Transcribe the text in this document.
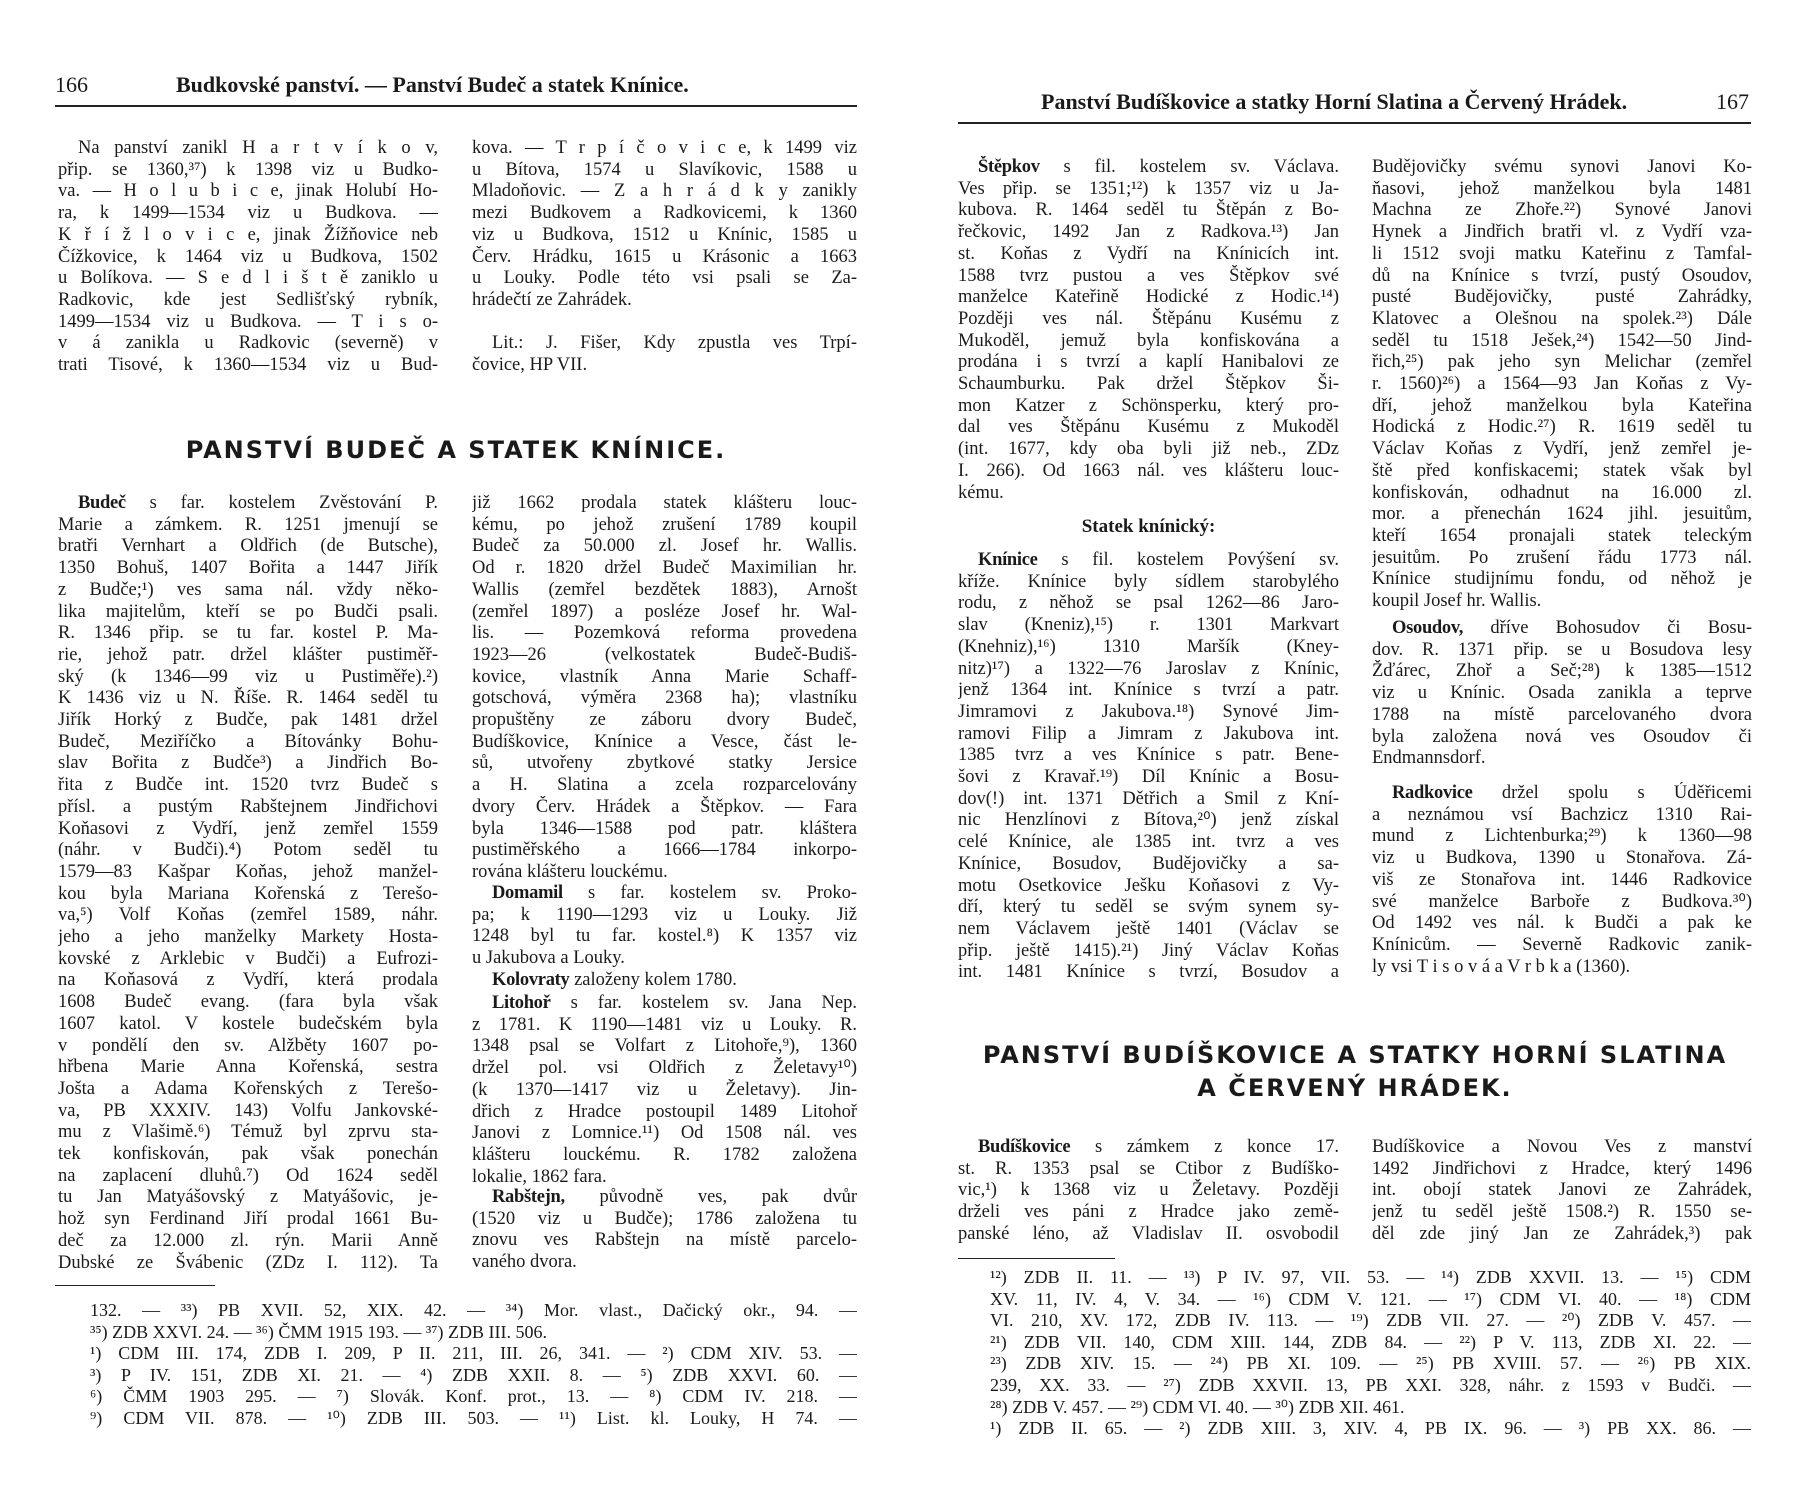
166	Budkovské panství. — Panství Budeč a statek Knínice.
PANSTVÍ BUDEČ A STATEK KNÍNICE.
Panství Budíškovice a statky Horní Slatina a Červený Hrádek.	167
Statek knínický:
PANSTVÍ BUDÍŠKOVICE A STATKY HORNÍ SLATINA
A ČERVENÝ HRÁDEK.
Na panství zanikl H a r t v í k o v,
přip. se 1360,³⁷) k 1398 viz u Budko-
va. — H o l u b i c e, jinak Holubí Ho-
ra, k 1499—1534 viz u Budkova. —
K ř í ž l o v i c e, jinak Žížňovice neb
Čížkovice, k 1464 viz u Budkova, 1502
u Bolíkova. — S e d l i š t ě zaniklo u
Radkovic, kde jest Sedlišťský rybník,
1499—1534 viz u Budkova. — T i s o-
v á zanikla u Radkovic (severně) v
trati Tisové, k 1360—1534 viz u Bud-
kova. — T r p í č o v i c e, k 1499 viz
u Bítova, 1574 u Slavíkovic, 1588 u
Mladoňovic. — Z a h r á d k y zanikly
mezi Budkovem a Radkovicemi, k 1360
viz u Budkova, 1512 u Knínic, 1585 u
Červ. Hrádku, 1615 u Krásonic a 1663
u Louky. Podle této vsi psali se Za-
hrádečtí ze Zahrádek.
Lit.: J. Fišer, Kdy zpustla ves Trpí-
čovice, HP VII.
Budeč s far. kostelem Zvěstování P.
Marie a zámkem. R. 1251 jmenují se
bratři Vernhart a Oldřich (de Butsche),
1350 Bohuš, 1407 Bořita a 1447 Jiřík
z Budče;¹) ves sama nál. vždy něko-
lika majitelům, kteří se po Budči psali.
R. 1346 přip. se tu far. kostel P. Ma-
rie, jehož patr. držel klášter pustiměř-
ský (k 1346—99 viz u Pustiměře).²)
K 1436 viz u N. Říše. R. 1464 seděl tu
Jiřík Horký z Budče, pak 1481 držel
Budeč, Meziříčko a Bítovánky Bohu-
slav Bořita z Budče³) a Jindřich Bo-
řita z Budče int. 1520 tvrz Budeč s
přísl. a pustým Rabštejnem Jindřichovi
Koňasovi z Vydří, jenž zemřel 1559
(náhr. v Budči).⁴) Potom seděl tu
1579—83 Kašpar Koňas, jehož manžel-
kou byla Mariana Kořenská z Terešo-
va,⁵) Volf Koňas (zemřel 1589, náhr.
jeho a jeho manželky Markety Hosta-
kovské z Arklebic v Budči) a Eufrozi-
na Koňasová z Vydří, která prodala
1608 Budeč evang. (fara byla však
1607 katol. V kostele budečském byla
v pondělí den sv. Alžběty 1607 po-
hřbena Marie Anna Kořenská, sestra
Jošta a Adama Kořenských z Terešo-
va, PB XXXIV. 143) Volfu Jankovské-
mu z Vlašimě.⁶) Témuž byl zprvu sta-
tek konfiskován, pak však ponechán
na zaplacení dluhů.⁷) Od 1624 seděl
tu Jan Matyášovský z Matyášovic, je-
hož syn Ferdinand Jiří prodal 1661 Bu-
deč za 12.000 zl. rýn. Marii Anně
Dubské ze Švábenic (ZDz I. 112). Ta
již 1662 prodala statek klášteru louc-
kému, po jehož zrušení 1789 koupil
Budeč za 50.000 zl. Josef hr. Wallis.
Od r. 1820 držel Budeč Maximilian hr.
Wallis (zemřel bezdětek 1883), Arnošt
(zemřel 1897) a posléze Josef hr. Wal-
lis. — Pozemková reforma provedena
1923—26 (velkostatek Budeč-Budiš-
kovice, vlastník Anna Marie Schaff-
gotschová, výměra 2368 ha); vlastníku
propuštěny ze záboru dvory Budeč,
Budíškovice, Knínice a Vesce, část le-
sů, utvořeny zbytkové statky Jersice
a H. Slatina a zcela rozparcelovány
dvory Červ. Hrádek a Štěpkov. — Fara
byla 1346—1588 pod patr. kláštera
pustiměřského a 1666—1784 inkorpo-
rována klášteru louckému.
Domamil s far. kostelem sv. Proko-
pa; k 1190—1293 viz u Louky. Již
1248 byl tu far. kostel.⁸) K 1357 viz
u Jakubova a Louky.
Kolovraty založeny kolem 1780.
Litohoř s far. kostelem sv. Jana Nep.
z 1781. K 1190—1481 viz u Louky. R.
1348 psal se Volfart z Litohoře,⁹), 1360
držel pol. vsi Oldřich z Želetavy¹⁰)
(k 1370—1417 viz u Želetavy). Jin-
dřich z Hradce postoupil 1489 Litohoř
Janovi z Lomnice.¹¹) Od 1508 nál. ves
klášteru louckému. R. 1782 založena
lokalie, 1862 fara.
Rabštejn, původně ves, pak dvůr
(1520 viz u Budče); 1786 založena tu
znovu ves Rabštejn na místě parcelo-
vaného dvora.
Štěpkov s fil. kostelem sv. Václava.
Ves přip. se 1351;¹²) k 1357 viz u Ja-
kubova. R. 1464 seděl tu Štěpán z Bo-
řečkovic, 1492 Jan z Radkova.¹³) Jan
st. Koňas z Vydří na Knínicích int.
1588 tvrz pustou a ves Štěpkov své
manželce Kateřině Hodické z Hodic.¹⁴)
Později ves nál. Štěpánu Kusému z
Mukoděl, jemuž byla konfiskována a
prodána i s tvrzí a kaplí Hanibalovi ze
Schaumburku. Pak držel Štěpkov Ši-
mon Katzer z Schönsperku, který pro-
dal ves Štěpánu Kusému z Mukoděl
(int. 1677, kdy oba byli již neb., ZDz
I. 266). Od 1663 nál. ves klášteru louc-
kému.
Knínice s fil. kostelem Povýšení sv.
kříže. Knínice byly sídlem starobylého
rodu, z něhož se psal 1262—86 Jaro-
slav (Kneniz),¹⁵) r. 1301 Markvart
(Knehniz),¹⁶) 1310 Maršík (Kney-
nitz)¹⁷) a 1322—76 Jaroslav z Knínic,
jenž 1364 int. Knínice s tvrzí a patr.
Jimramovi z Jakubova.¹⁸) Synové Jim-
ramovi Filip a Jimram z Jakubova int.
1385 tvrz a ves Knínice s patr. Bene-
šovi z Kravař.¹⁹) Díl Knínic a Bosu-
dov(!) int. 1371 Dětřich a Smil z Kní-
nic Henzlínovi z Bítova,²⁰) jenž získal
celé Knínice, ale 1385 int. tvrz a ves
Knínice, Bosudov, Budějovičky a sa-
motu Osetkovice Ješku Koňasovi z Vy-
dří, který tu seděl se svým synem sy-
nem Václavem ještě 1401 (Václav se
přip. ještě 1415).²¹) Jiný Václav Koňas
int. 1481 Knínice s tvrzí, Bosudov a
Budějovičky svému synovi Janovi Ko-
ňasovi, jehož manželkou byla 1481
Machna ze Zhoře.²²) Synové Janovi
Hynek a Jindřich bratři vl. z Vydří vza-
li 1512 svoji matku Kateřinu z Tamfal-
dů na Knínice s tvrzí, pustý Osoudov,
pusté Budějovičky, pusté Zahrádky,
Klatovec a Olešnou na spolek.²³) Dále
seděl tu 1518 Ješek,²⁴) 1542—50 Jind-
řich,²⁵) pak jeho syn Melichar (zemřel
r. 1560)²⁶) a 1564—93 Jan Koňas z Vy-
dří, jehož manželkou byla Kateřina
Hodická z Hodic.²⁷) R. 1619 seděl tu
Václav Koňas z Vydří, jenž zemřel je-
ště před konfiskacemi; statek však byl
konfiskován, odhadnut na 16.000 zl.
mor. a přenechán 1624 jihl. jesuitům,
kteří 1654 pronajali statek teleckým
jesuitům. Po zrušení řádu 1773 nál.
Knínice studijnímu fondu, od něhož je
koupil Josef hr. Wallis.
Osoudov, dříve Bohosudov či Bosu-
dov. R. 1371 přip. se u Bosudova lesy
Žďárec, Zhoř a Seč;²⁸) k 1385—1512
viz u Knínic. Osada zanikla a teprve
1788 na místě parcelovaného dvora
byla založena nová ves Osoudov či
Endmannsdorf.
Radkovice držel spolu s Úděřicemi
a neznámou vsí Bachzicz 1310 Rai-
mund z Lichtenburka;²⁹) k 1360—98
viz u Budkova, 1390 u Stonařova. Zá-
viš ze Stonařova int. 1446 Radkovice
své manželce Barboře z Budkova.³⁰)
Od 1492 ves nál. k Budči a pak ke
Knínicům. — Severně Radkovic zanik-
ly vsi T i s o v á a V r b k a (1360).
Budíškovice s zámkem z konce 17.
st. R. 1353 psal se Ctibor z Budíško-
vic,¹) k 1368 viz u Želetavy. Později
drželi ves páni z Hradce jako země-
panské léno, až Vladislav II. osvobodil
Budíškovice a Novou Ves z manství
1492 Jindřichovi z Hradce, který 1496
int. obojí statek Janovi ze Zahrádek,
jenž tu seděl ještě 1508.²) R. 1550 se-
děl zde jiný Jan ze Zahrádek,³) pak
132. — ³³) PB XVII. 52, XIX. 42. — ³⁴) Mor. vlast., Dačický okr., 94. —
³⁵) ZDB XXVI. 24. — ³⁶) ČMM 1915 193. — ³⁷) ZDB III. 506.
¹) CDM III. 174, ZDB I. 209, P II. 211, III. 26, 341. — ²) CDM XIV. 53. —
³) P IV. 151, ZDB XI. 21. — ⁴) ZDB XXII. 8. — ⁵) ZDB XXVI. 60. —
⁶) ČMM 1903 295. — ⁷) Slovák. Konf. prot., 13. — ⁸) CDM IV. 218. —
⁹) CDM VII. 878. — ¹⁰) ZDB III. 503. — ¹¹) List. kl. Louky, H 74. —
¹²) ZDB II. 11. — ¹³) P IV. 97, VII. 53. — ¹⁴) ZDB XXVII. 13. — ¹⁵) CDM
XV. 11, IV. 4, V. 34. — ¹⁶) CDM V. 121. — ¹⁷) CDM VI. 40. — ¹⁸) CDM
VI. 210, XV. 172, ZDB IV. 113. — ¹⁹) ZDB VII. 27. — ²⁰) ZDB V. 457. —
²¹) ZDB VII. 140, CDM XIII. 144, ZDB 84. — ²²) P V. 113, ZDB XI. 22. —
²³) ZDB XIV. 15. — ²⁴) PB XI. 109. — ²⁵) PB XVIII. 57. — ²⁶) PB XIX.
239, XX. 33. — ²⁷) ZDB XXVII. 13, PB XXI. 328, náhr. z 1593 v Budči. —
²⁸) ZDB V. 457. — ²⁹) CDM VI. 40. — ³⁰) ZDB XII. 461.
¹) ZDB II. 65. — ²) ZDB XIII. 3, XIV. 4, PB IX. 96. — ³) PB XX. 86. —
